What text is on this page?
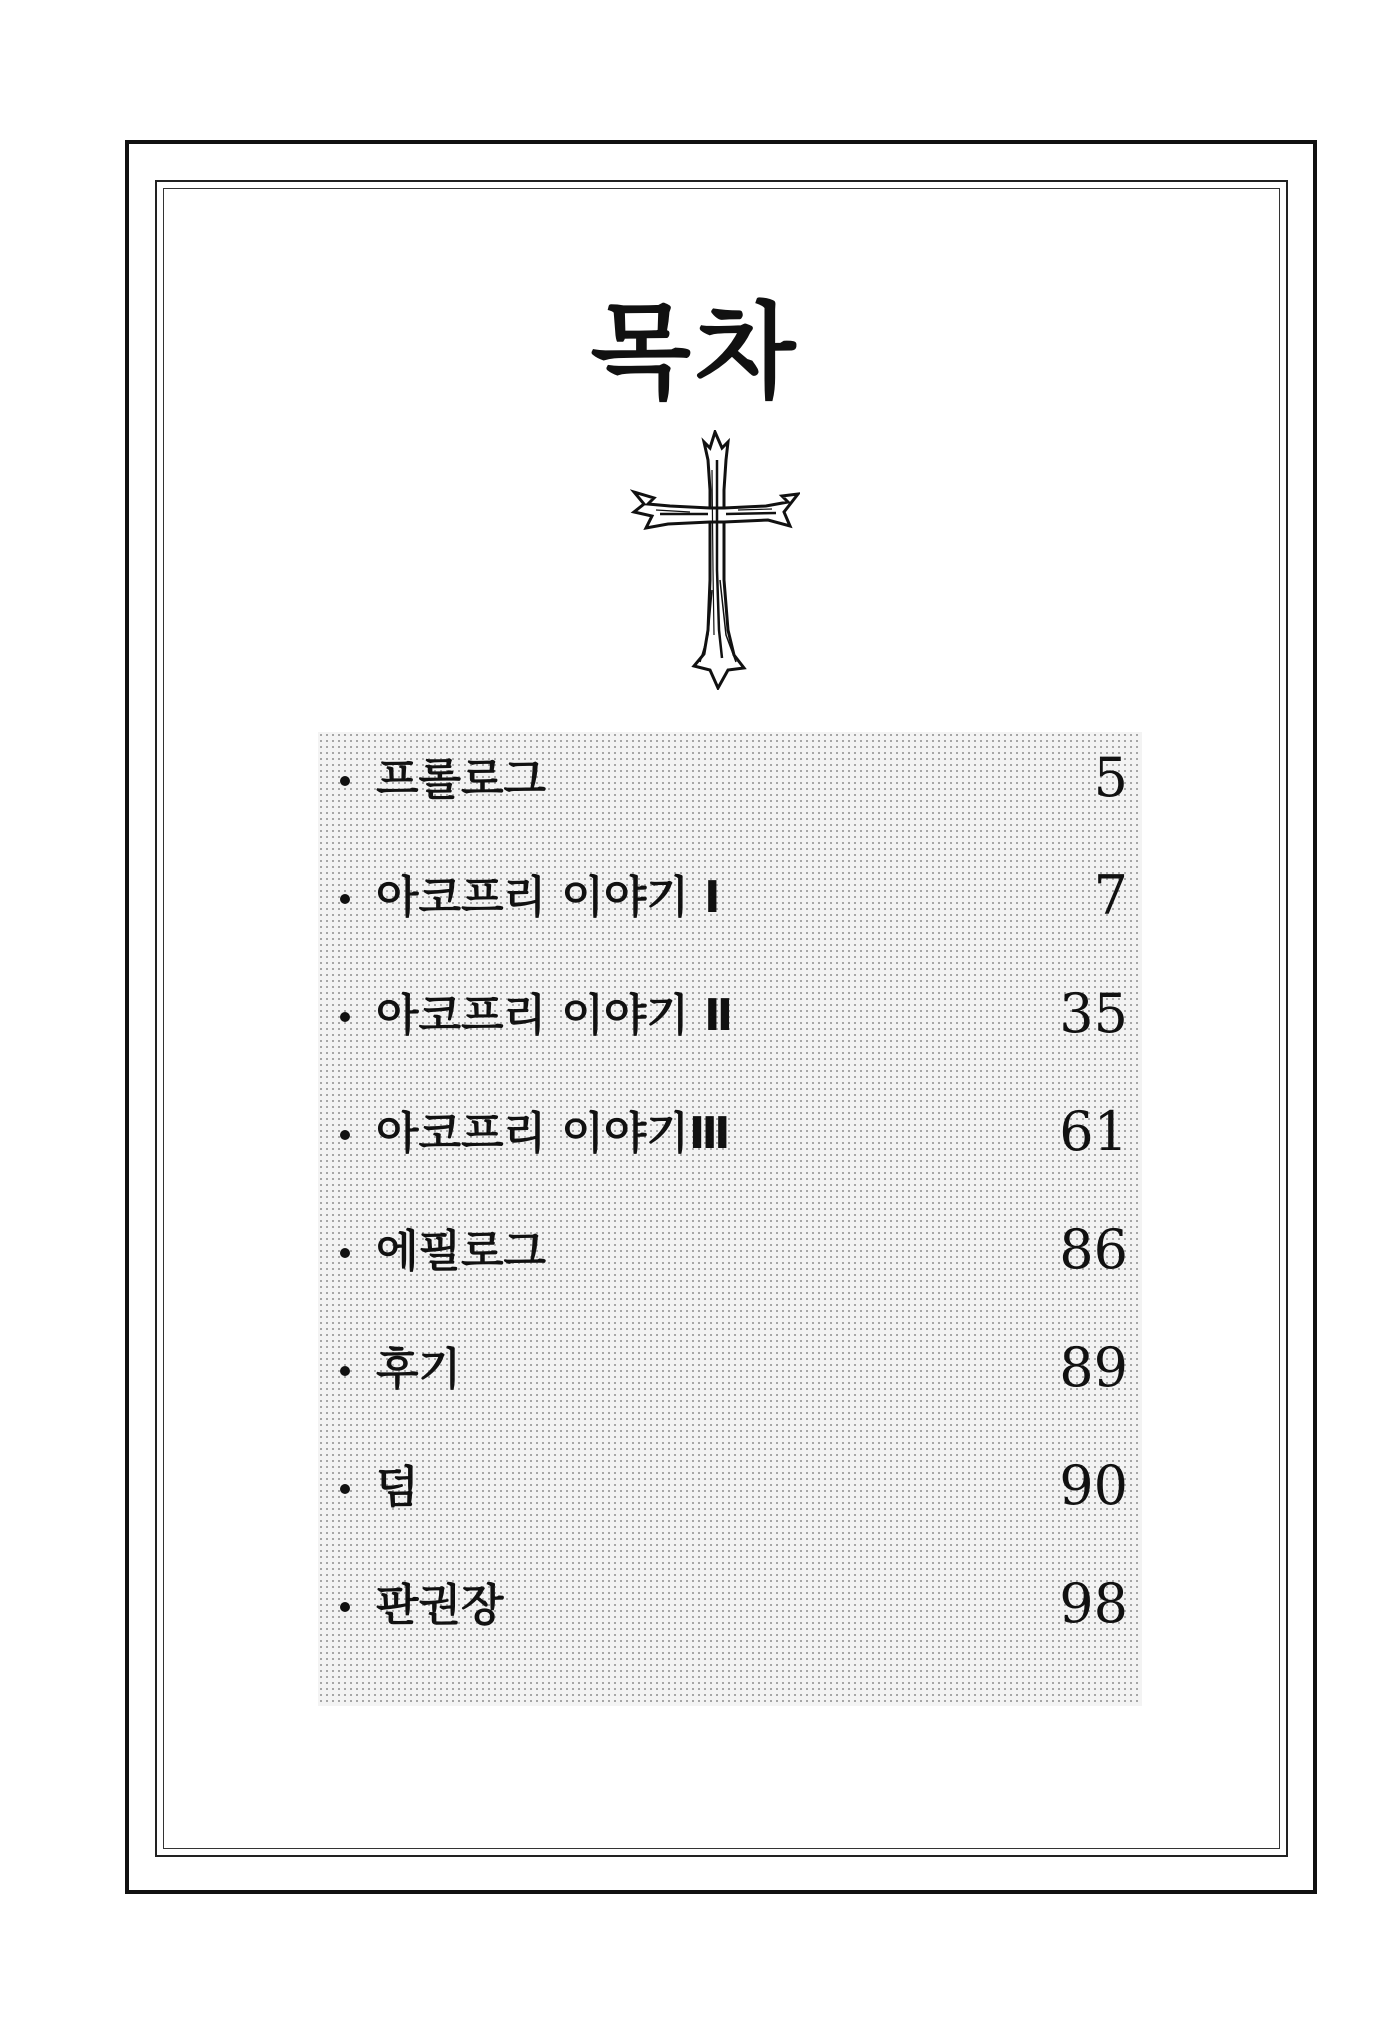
목차
프롤로그	5
아코프리 이야기 I	7
아코프리 이야기 Ⅱ	35
아코프리 이야기Ⅲ	61
에필로그	86
후기	89
덤	90
판권장	98
